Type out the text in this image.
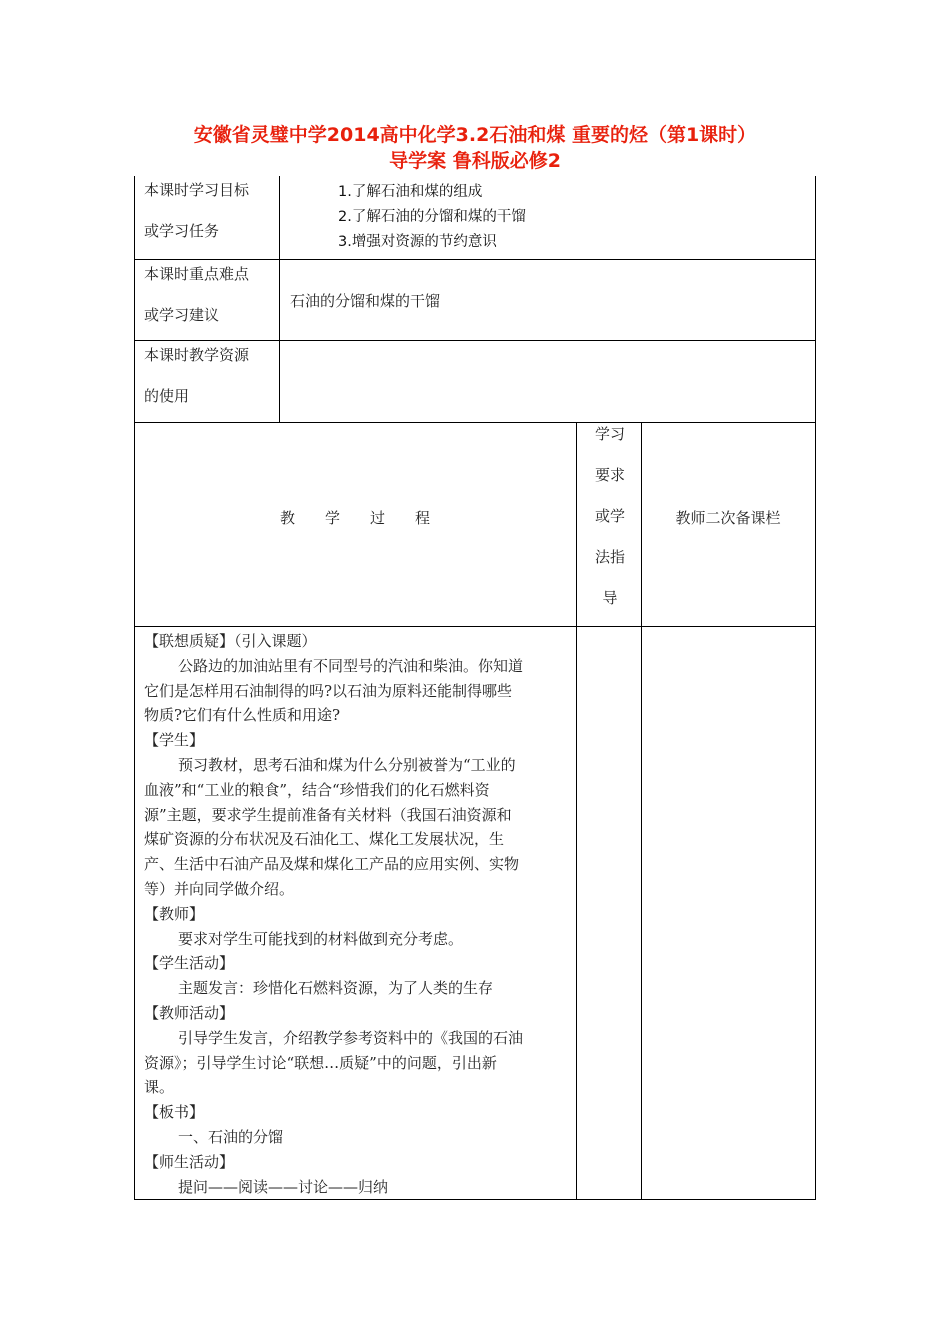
安徽省灵璧中学2014高中化学3.2石油和煤 重要的烃（第1课时）
导学案 鲁科版必修2
本课时学习目标
或学习任务
1.了解石油和煤的组成
2.了解石油的分馏和煤的干馏
3.增强对资源的节约意识
本课时重点难点
或学习建议
石油的分馏和煤的干馏
本课时教学资源
的使用
教　　学　　过　　程
学习
要求
或学
法指
导
教师二次备课栏
【联想质疑】（引入课题）
公路边的加油站里有不同型号的汽油和柴油。你知道
它们是怎样用石油制得的吗?以石油为原料还能制得哪些
物质?它们有什么性质和用途?
【学生】
预习教材，思考石油和煤为什么分别被誉为“工业的
血液”和“工业的粮食”，结合“珍惜我们的化石燃料资
源”主题，要求学生提前准备有关材料（我国石油资源和
煤矿资源的分布状况及石油化工、煤化工发展状况，生
产、生活中石油产品及煤和煤化工产品的应用实例、实物
等）并向同学做介绍。
【教师】
要求对学生可能找到的材料做到充分考虑。
【学生活动】
主题发言：珍惜化石燃料资源，为了人类的生存
【教师活动】
引导学生发言，介绍教学参考资料中的《我国的石油
资源》；引导学生讨论“联想…质疑”中的问题，引出新
课。
【板书】
一、石油的分馏
【师生活动】
提问——阅读——讨论——归纳
